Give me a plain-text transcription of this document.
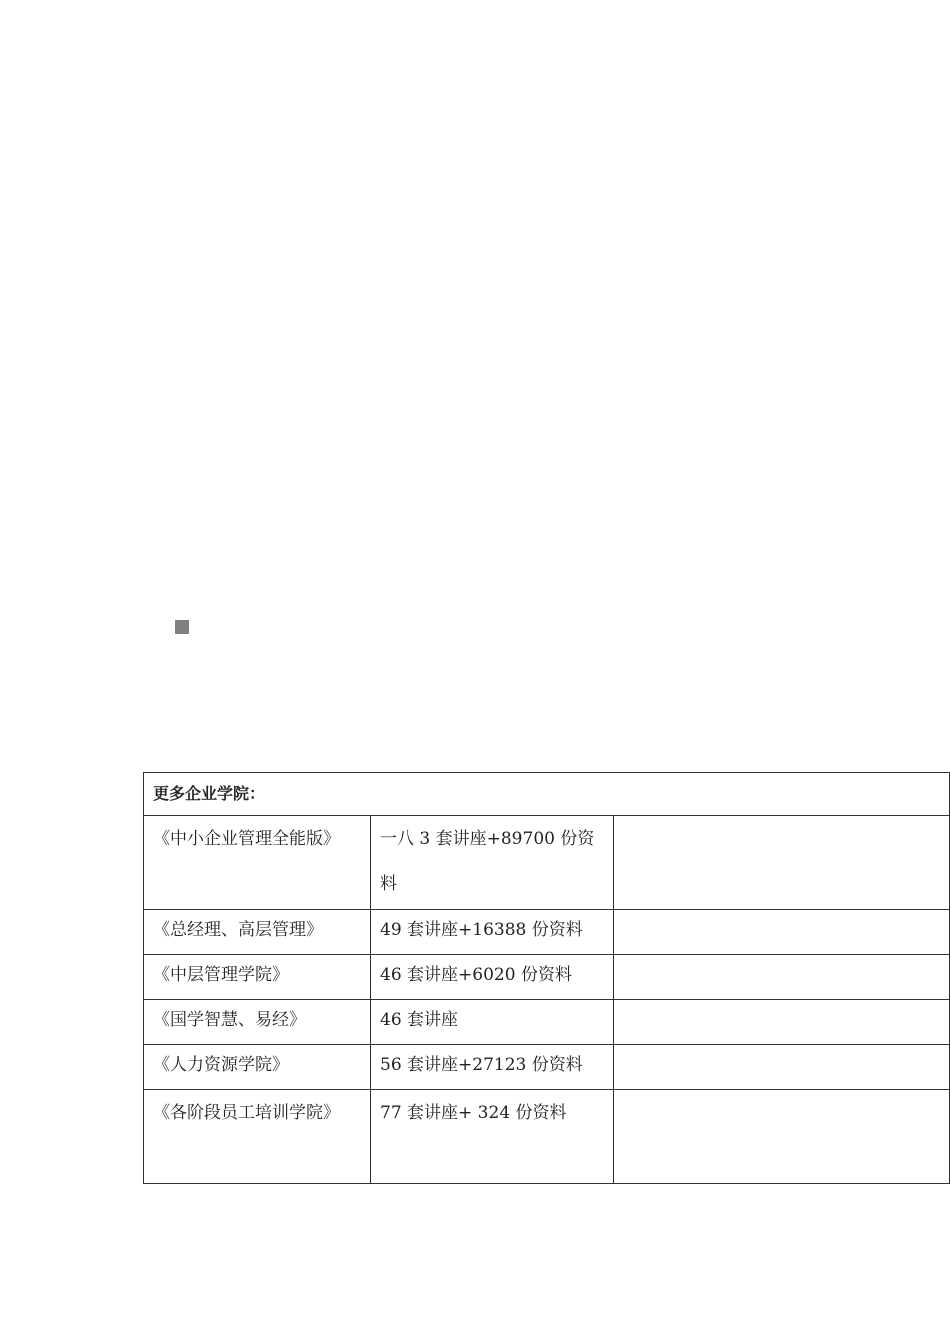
更多企业学院：		
《中小企业管理全能版》	一八 3 套讲座+89700 份资料	
《总经理、高层管理》	49 套讲座+16388 份资料	
《中层管理学院》	46 套讲座+6020 份资料	
《国学智慧、易经》	46 套讲座	
《人力资源学院》	56 套讲座+27123 份资料	
《各阶段员工培训学院》	77 套讲座+ 324 份资料	
